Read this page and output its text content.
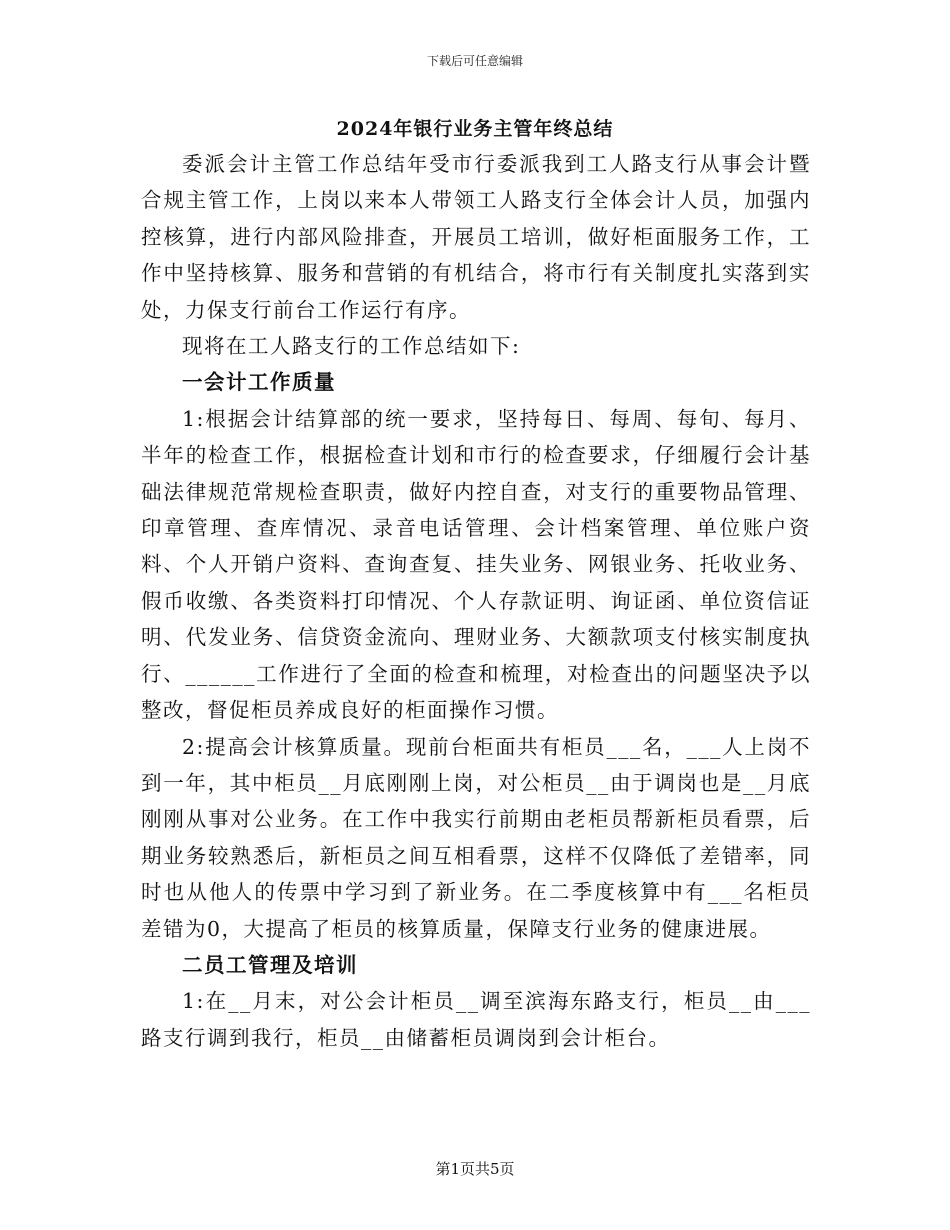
下载后可任意编辑
2024年银行业务主管年终总结

委派会计主管工作总结年受市行委派我到工人路支行从事会计暨合规主管工作，上岗以来本人带领工人路支行全体会计人员，加强内控核算，进行内部风险排查，开展员工培训，做好柜面服务工作，工作中坚持核算、服务和营销的有机结合，将市行有关制度扎实落到实处，力保支行前台工作运行有序。

现将在工人路支行的工作总结如下:

一会计工作质量

1:根据会计结算部的统一要求，坚持每日、每周、每旬、每月、半年的检查工作，根据检查计划和市行的检查要求，仔细履行会计基础法律规范常规检查职责，做好内控自查，对支行的重要物品管理、印章管理、查库情况、录音电话管理、会计档案管理、单位账户资料、个人开销户资料、查询查复、挂失业务、网银业务、托收业务、假币收缴、各类资料打印情况、个人存款证明、询证函、单位资信证明、代发业务、信贷资金流向、理财业务、大额款项支付核实制度执行、______工作进行了全面的检查和梳理，对检查出的问题坚决予以整改，督促柜员养成良好的柜面操作习惯。

2:提高会计核算质量。现前台柜面共有柜员___名，___人上岗不到一年，其中柜员__月底刚刚上岗，对公柜员__由于调岗也是__月底刚刚从事对公业务。在工作中我实行前期由老柜员帮新柜员看票，后期业务较熟悉后，新柜员之间互相看票，这样不仅降低了差错率，同时也从他人的传票中学习到了新业务。在二季度核算中有___名柜员差错为0，大提高了柜员的核算质量，保障支行业务的健康进展。

二员工管理及培训

1:在__月末，对公会计柜员__调至滨海东路支行，柜员__由___路支行调到我行，柜员__由储蓄柜员调岗到会计柜台。

第1页共5页
